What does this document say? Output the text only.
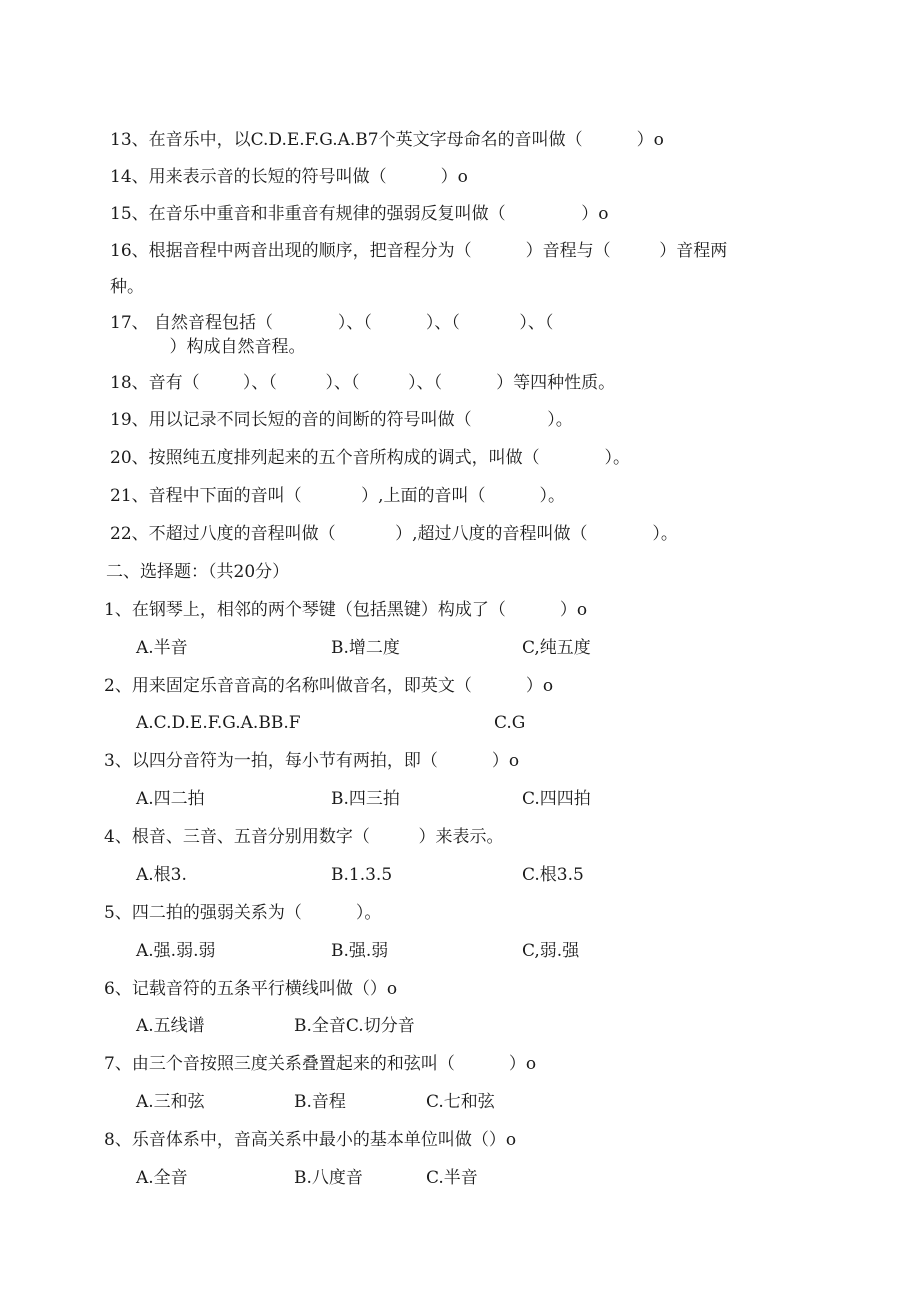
13、在音乐中，以C.D.E.F.G.A.B7个英文字母命名的音叫做（          ）o
14、用来表示音的长短的符号叫做（          ）o
15、在音乐中重音和非重音有规律的强弱反复叫做（              ）o
16、根据音程中两音出现的顺序，把音程分为（          ）音程与（         ）音程两
种。
17、 自然音程包括（            ）、（          ）、（           ）、（
）构成自然音程。
18、音有（        ）、（         ）、（         ）、（          ）等四种性质。
19、用以记录不同长短的音的间断的符号叫做（              ）。
20、按照纯五度排列起来的五个音所构成的调式，叫做（            ）。
21、音程中下面的音叫（           ）,上面的音叫（          ）。
22、不超过八度的音程叫做（           ）,超过八度的音程叫做（            ）。
二、选择题：（共20分）
1、在钢琴上，相邻的两个琴键（包括黑键）构成了（          ）o
A.半音	B.增二度	C,纯五度
2、用来固定乐音音高的名称叫做音名，即英文（          ）o
A.C.D.E.F.G.A.BB.F	C.G
3、以四分音符为一拍，每小节有两拍，即（          ）o
A.四二拍	B.四三拍	C.四四拍
4、根音、三音、五音分别用数字（         ）来表示。
A.根3.	B.1.3.5	C.根3.5
5、四二拍的强弱关系为（          ）。
A.强.弱.弱	B.强.弱	C,弱.强
6、记载音符的五条平行横线叫做（）o
A.五线谱	B.全音C.切分音
7、由三个音按照三度关系叠置起来的和弦叫（          ）o
A.三和弦	B.音程	C.七和弦
8、乐音体系中，音高关系中最小的基本单位叫做（）o
A.全音	B.八度音	C.半音
